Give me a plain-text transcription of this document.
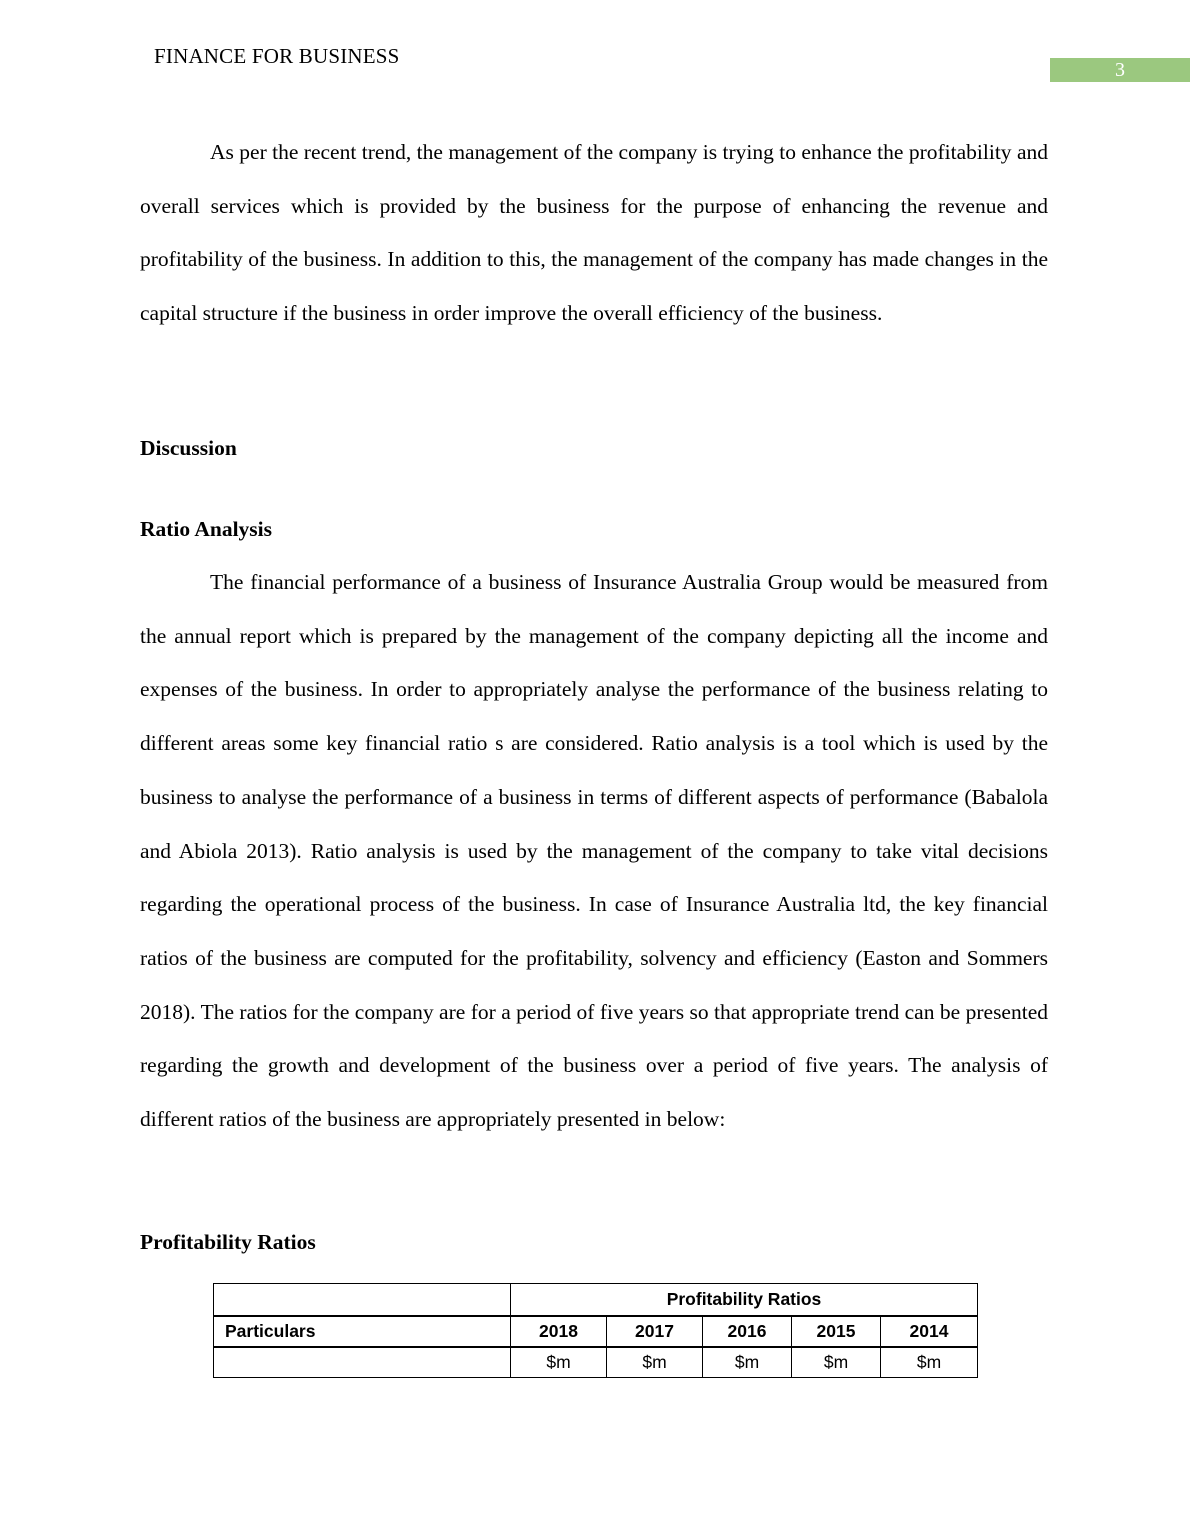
FINANCE FOR BUSINESS
3

As per the recent trend, the management of the company is trying to enhance the profitability and overall services which is provided by the business for the purpose of enhancing the revenue and profitability of the business. In addition to this, the management of the company has made changes in the capital structure if the business in order improve the overall efficiency of the business.

Discussion
Ratio Analysis

The financial performance of a business of Insurance Australia Group would be measured from the annual report which is prepared by the management of the company depicting all the income and expenses of the business. In order to appropriately analyse the performance of the business relating to different areas some key financial ratio s are considered. Ratio analysis is a tool which is used by the business to analyse the performance of a business in terms of different aspects of performance (Babalola and Abiola 2013). Ratio analysis is used by the management of the company to take vital decisions regarding the operational process of the business. In case of Insurance Australia ltd, the key financial ratios of the business are computed for the profitability, solvency and efficiency (Easton and Sommers 2018). The ratios for the company are for a period of five years so that appropriate trend can be presented regarding the growth and development of the business over a period of five years. The analysis of different ratios of the business are appropriately presented in below:

Profitability Ratios
	Profitability Ratios				
Particulars	2018	2017	2016	2015	2014
	$m	$m	$m	$m	$m
